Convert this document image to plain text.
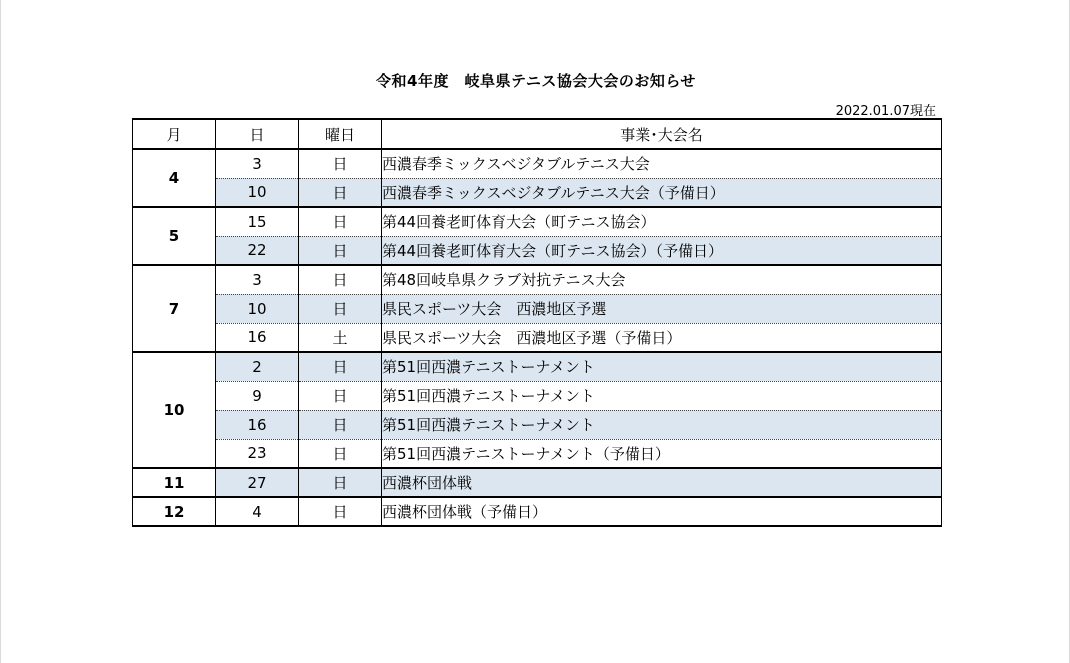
令和4年度　岐阜県テニス協会大会のお知らせ
2022.01.07現在
月	日	曜日	事業･大会名
4	3	日	西濃春季ミックスベジタブルテニス大会
	10	日	西濃春季ミックスベジタブルテニス大会（予備日）
5	15	日	第44回養老町体育大会（町テニス協会）
	22	日	第44回養老町体育大会（町テニス協会）（予備日）
7	3	日	第48回岐阜県クラブ対抗テニス大会
	10	日	県民スポーツ大会　西濃地区予選
	16	土	県民スポーツ大会　西濃地区予選（予備日）
10	2	日	第51回西濃テニストーナメント
	9	日	第51回西濃テニストーナメント
	16	日	第51回西濃テニストーナメント
	23	日	第51回西濃テニストーナメント（予備日）
11	27	日	西濃杯団体戦
12	4	日	西濃杯団体戦（予備日）
